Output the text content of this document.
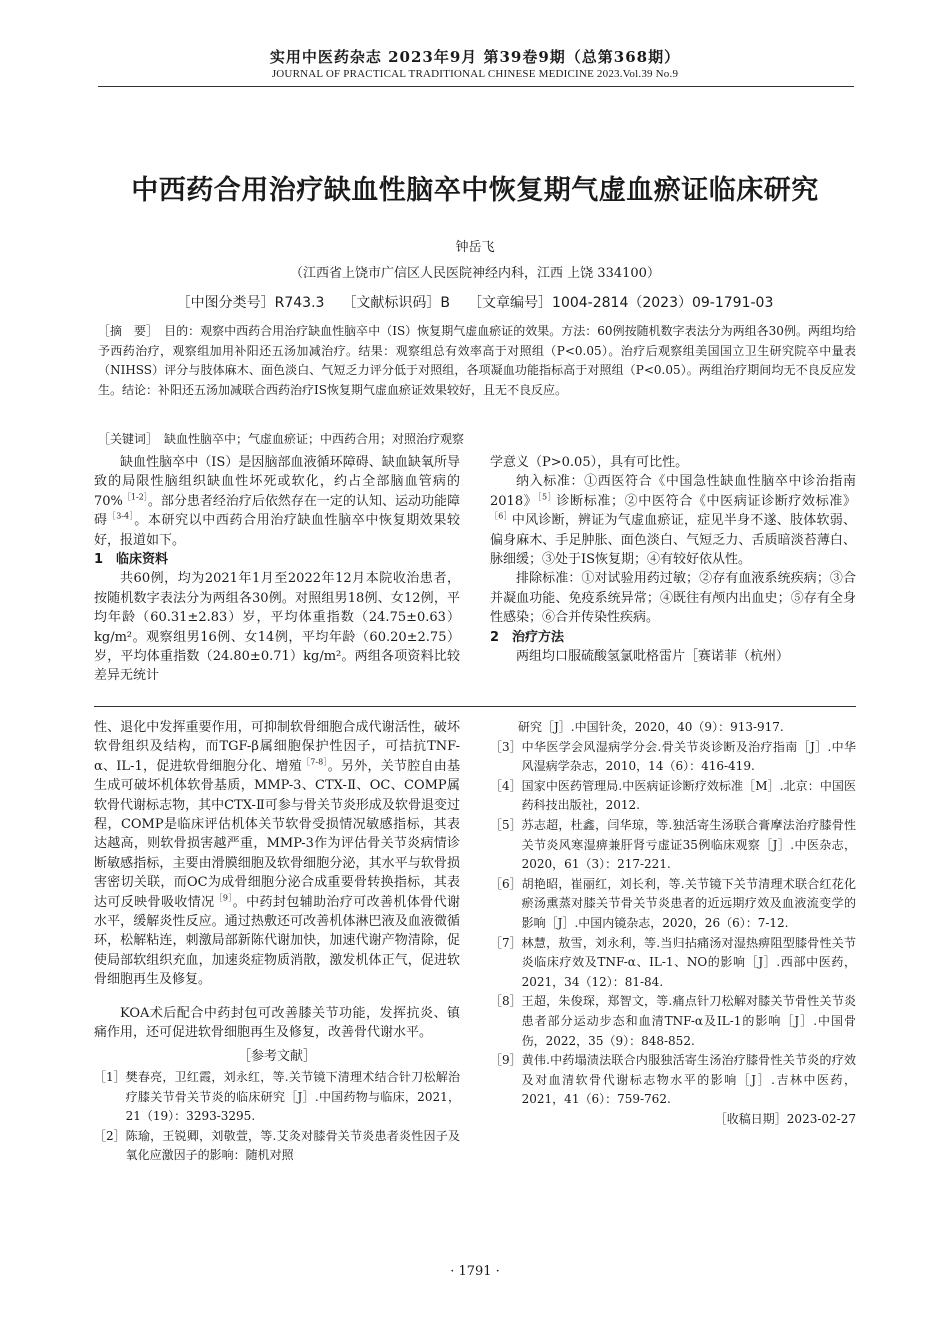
实用中医药杂志 2023年9月 第39卷9期（总第368期）
JOURNAL OF PRACTICAL TRADITIONAL CHINESE MEDICINE 2023.Vol.39 No.9
中西药合用治疗缺血性脑卒中恢复期气虚血瘀证临床研究
钟岳飞
（江西省上饶市广信区人民医院神经内科，江西 上饶 334100）
［中图分类号］R743.3 ［文献标识码］B ［文章编号］1004-2814（2023）09-1791-03
［摘　要］　 目的：观察中西药合用治疗缺血性脑卒中（IS）恢复期气虚血瘀证的效果。方法：60例按随机数字表法分为两组各30例。两组均给予西药治疗，观察组加用补阳还五汤加减治疗。结果：观察组总有效率高于对照组（P<0.05）。治疗后观察组美国国立卫生研究院卒中量表（NIHSS）评分与肢体麻木、面色淡白、气短乏力评分低于对照组，各项凝血功能指标高于对照组（P<0.05）。两组治疗期间均无不良反应发生。结论：补阳还五汤加减联合西药治疗IS恢复期气虚血瘀证效果较好，且无不良反应。
［关键词］　 缺血性脑卒中；气虚血瘀证；中西药合用；对照治疗观察

缺血性脑卒中（IS）是因脑部血液循环障碍、缺血缺氧所导致的局限性脑组织缺血性坏死或软化，约占全部脑血管病的70%$^{[1-2]}$。部分患者经治疗后依然存在一定的认知、运动功能障碍$^{[3-4]}$。本研究以中西药合用治疗缺血性脑卒中恢复期效果较好，报道如下。

1 临床资料

共60例，均为2021年1月至2022年12月本院收治患者，按随机数字表法分为两组各30例。对照组男18例、女12例，平均年龄（60.31±2.83）岁，平均体重指数（24.75±0.63）kg/m²。观察组男16例、女14例，平均年龄（60.20±2.75）岁，平均体重指数（24.80±0.71）kg/m²。两组各项资料比较差异无统计

学意义（P>0.05），具有可比性。

纳入标准：①西医符合《中国急性缺血性脑卒中诊治指南2018》$^{[5]}$诊断标准；②中医符合《中医病证诊断疗效标准》$^{[6]}$中风诊断，辨证为气虚血瘀证，症见半身不遂、肢体软弱、偏身麻木、手足肿胀、面色淡白、气短乏力、舌质暗淡苔薄白、脉细缓；③处于IS恢复期；④有较好依从性。

排除标准：①对试验用药过敏；②存有血液系统疾病；③合并凝血功能、免疫系统异常；④既往有颅内出血史；⑤存有全身性感染；⑥合并传染性疾病。

2 治疗方法

两组均口服硫酸氢氯吡格雷片［赛诺菲（杭州）

性、退化中发挥重要作用，可抑制软骨细胞合成代谢活性，破坏软骨组织及结构，而TGF-β属细胞保护性因子，可拮抗TNF-α、IL-1，促进软骨细胞分化、增殖$^{[7-8]}$。另外，关节腔自由基生成可破坏机体软骨基质，MMP-3、CTX-Ⅱ、OC、COMP属软骨代谢标志物，其中CTX-Ⅱ可参与骨关节炎形成及软骨退变过程，COMP是临床评估机体关节软骨受损情况敏感指标，其表达越高，则软骨损害越严重，MMP-3作为评估骨关节炎病情诊断敏感指标，主要由滑膜细胞及软骨细胞分泌，其水平与软骨损害密切关联，而OC为成骨细胞分泌合成重要骨转换指标，其表达可反映骨吸收情况$^{[9]}$。中药封包辅助治疗可改善机体骨代谢水平，缓解炎性反应。通过热敷还可改善机体淋巴液及血液微循环，松解粘连，刺激局部新陈代谢加快，加速代谢产物清除，促使局部软组织充血，加速炎症物质消散，激发机体正气，促进软骨细胞再生及修复。

KOA术后配合中药封包可改善膝关节功能，发挥抗炎、镇痛作用，还可促进软骨细胞再生及修复，改善骨代谢水平。

［参考文献］
［1］ 樊春亮，卫红霞，刘永红，等.关节镜下清理术结合针刀松解治疗膝关节骨关节炎的临床研究［J］.中国药物与临床，2021，21（19）：3293-3295.
［2］ 陈瑜，王锐卿，刘敬萱，等.艾灸对膝骨关节炎患者炎性因子及氧化应激因子的影响：随机对照
研究［J］.中国针灸，2020，40（9）：913-917.
［3］ 中华医学会风湿病学分会.骨关节炎诊断及治疗指南［J］.中华风湿病学杂志，2010，14（6）：416-419.
［4］ 国家中医药管理局.中医病证诊断疗效标准［M］.北京：中国医药科技出版社，2012.
［5］ 苏志超，杜鑫，闫华琼，等.独活寄生汤联合膏摩法治疗膝骨性关节炎风寒湿痹兼肝肾亏虚证35例临床观察［J］.中医杂志，2020，61（3）：217-221.
［6］ 胡艳昭，崔丽红，刘长利，等.关节镜下关节清理术联合红花化瘀汤熏蒸对膝关节骨关节炎患者的近远期疗效及血液流变学的影响［J］.中国内镜杂志，2020，26（6）：7-12.
［7］ 林慧，敖雪，刘永利，等.当归拈痛汤对湿热痹阻型膝骨性关节炎临床疗效及TNF-α、IL-1、NO的影响［J］.西部中医药，2021，34（12）：81-84.
［8］ 王超，朱俊琛，郑智文，等.痛点针刀松解对膝关节骨性关节炎患者部分运动步态和血清TNF-α及IL-1的影响［J］.中国骨伤，2022，35（9）：848-852.
［9］ 黄伟.中药塌渍法联合内服独活寄生汤治疗膝骨性关节炎的疗效及对血清软骨代谢标志物水平的影响［J］.吉林中医药，2021，41（6）：759-762.
［收稿日期］2023-02-27
· 1791 ·
